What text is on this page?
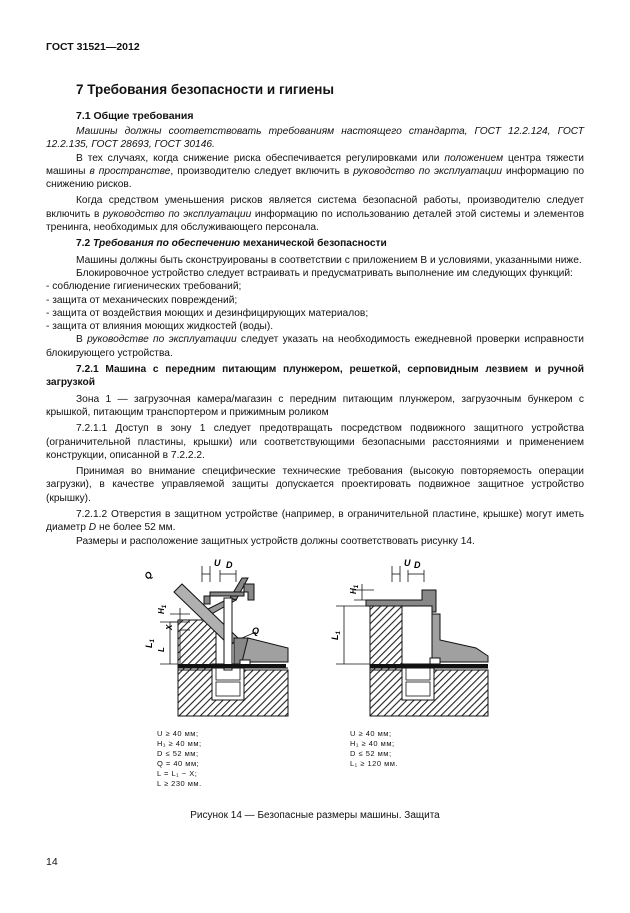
ГОСТ 31521—2012
7 Требования безопасности и гигиены
7.1 Общие требования

Машины должны соответствовать требованиям настоящего стандарта, ГОСТ 12.2.124, ГОСТ 12.2.135, ГОСТ 28693, ГОСТ 30146.

В тех случаях, когда снижение риска обеспечивается регулировками или положением центра тяжести машины в пространстве, производителю следует включить в руководство по эксплуатации информацию по снижению рисков.

Когда средством уменьшения рисков является система безопасной работы, производителю следует включить в руководство по эксплуатации информацию по использованию деталей этой системы и элементов тренинга, необходимых для обслуживающего персонала.

7.2 Требования по обеспечению механической безопасности

Машины должны быть сконструированы в соответствии с приложением В и условиями, указанными ниже.

Блокировочное устройство следует встраивать и предусматривать выполнение им следующих функций:

- соблюдение гигиенических требований;

- защита от механических повреждений;

- защита от воздействия моющих и дезинфицирующих материалов;

- защита от влияния моющих жидкостей (воды).

В руководстве по эксплуатации следует указать на необходимость ежедневной проверки исправности блокирующего устройства.

7.2.1 Машина с передним питающим плунжером, решеткой, серповидным лезвием и ручной загрузкой

Зона 1 — загрузочная камера/магазин с передним питающим плунжером, загрузочным бункером с крышкой, питающим транспортером и прижимным роликом

7.2.1.1 Доступ в зону 1 следует предотвращать посредством подвижного защитного устройства (ограничительной пластины, крышки) или соответствующими безопасными расстояниями и применением конструкции, описанной в 7.2.2.2.

Принимая во внимание специфические технические требования (высокую повторяемость операции загрузки), в качестве управляемой защиты допускается проектировать подвижное защитное устройство (крышку).

7.2.1.2 Отверстия в защитном устройстве (например, в ограничительной пластине, крышке) могут иметь диаметр D не более 52 мм.

Размеры и расположение защитных устройств должны соответствовать рисунку 14.

U D
Q
$H_1$
X
$L_1$
L
Q
U D
$H_1$
$L_1$
U ≥ 40 мм;
H₁ ≥ 40 мм;
D ≤ 52 мм;
Q = 40 мм;
L = L₁ − X;
L ≥ 230 мм.
U ≥ 40 мм;
H₁ ≥ 40 мм;
D ≤ 52 мм;
L₁ ≥ 120 мм.
Рисунок 14 — Безопасные размеры машины. Защита
14
